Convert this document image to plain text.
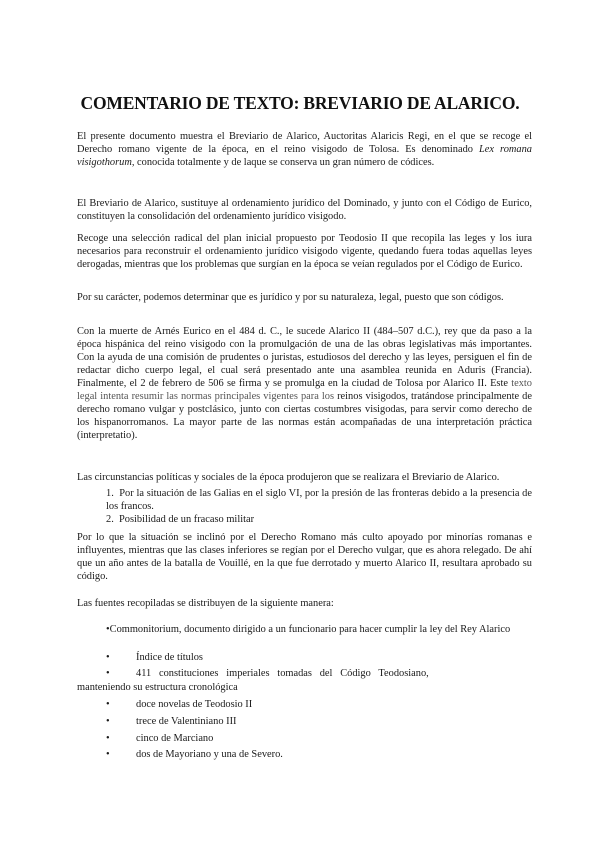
COMENTARIO DE TEXTO: BREVIARIO DE ALARICO.

El presente documento muestra el Breviario de Alarico, Auctoritas Alaricis Regi, en el que se recoge el Derecho romano vigente de la época, en el reino visigodo de Tolosa. Es denominado Lex romana visigothorum, conocida totalmente y de laque se conserva un gran número de códices.

El Breviario de Alarico, sustituye al ordenamiento jurídico del Dominado, y junto con el Código de Eurico, constituyen la consolidación del ordenamiento jurídico visigodo.

Recoge una selección radical del plan inicial propuesto por Teodosio II que recopila las leges y los iura necesarios para reconstruir el ordenamiento jurídico visigodo vigente, quedando fuera todas aquellas leyes derogadas, mientras que los problemas que surgían en la época se veían regulados por el Código de Eurico.

Por su carácter, podemos determinar que es jurídico y por su naturaleza, legal, puesto que son códigos.

Con la muerte de Arnés Eurico en el 484 d. C., le sucede Alarico II (484–507 d.C.), rey que da paso a la época hispánica del reino visigodo con la promulgación de una de las obras legislativas más importantes. Con la ayuda de una comisión de prudentes o juristas, estudiosos del derecho y las leyes, persiguen el fin de redactar dicho cuerpo legal, el cual será presentado ante una asamblea reunida en Aduris (Francia). Finalmente, el 2 de febrero de 506 se firma y se promulga en la ciudad de Tolosa por Alarico II. Este texto legal intenta resumir las normas principales vigentes para los reinos visigodos, tratándose principalmente de derecho romano vulgar y postclásico, junto con ciertas costumbres visigodas, para servir como derecho de los hispanorromanos. La mayor parte de las normas están acompañadas de una interpretación práctica (interpretatio).

Las circunstancias políticas y sociales de la época produjeron que se realizara el Breviario de Alarico.

1. Por la situación de las Galias en el siglo VI, por la presión de las fronteras debido a la presencia de los francos.
2. Posibilidad de un fracaso militar

Por lo que la situación se inclinó por el Derecho Romano más culto apoyado por minorías romanas e influyentes, mientras que las clases inferiores se regían por el Derecho vulgar, que es ahora relegado. De ahí que un año antes de la batalla de Vouillé, en la que fue derrotado y muerto Alarico II, resultara aprobado su código.

Las fuentes recopiladas se distribuyen de la siguiente manera:

•Commonitorium, documento dirigido a un funcionario para hacer cumplir la ley del Rey Alarico
•	Índice de títulos
•	411   constituciones   imperiales   tomadas   del   Código   Teodosiano,
manteniendo su estructura cronológica
•	doce novelas de Teodosio II
•	trece de Valentiniano III
•	cinco de Marciano
•	dos de Mayoriano y una de Severo.
